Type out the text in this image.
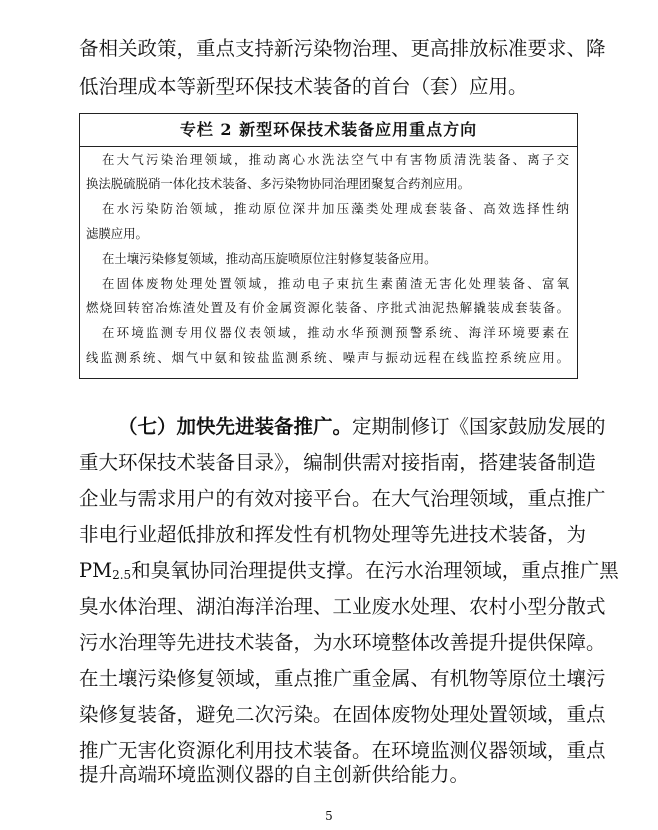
备相关政策，重点支持新污染物治理、更高排放标准要求、降
低治理成本等新型环保技术装备的首台（套）应用。
专栏 2 新型环保技术装备应用重点方向
在大气污染治理领域，推动离心水洗法空气中有害物质清洗装备、离子交
换法脱硫脱硝一体化技术装备、多污染物协同治理团聚复合药剂应用。
在水污染防治领域，推动原位深井加压藻类处理成套装备、高效选择性纳
滤膜应用。
在土壤污染修复领域，推动高压旋喷原位注射修复装备应用。
在固体废物处理处置领域，推动电子束抗生素菌渣无害化处理装备、富氧
燃烧回转窑冶炼渣处置及有价金属资源化装备、序批式油泥热解撬装成套装备。
在环境监测专用仪器仪表领域，推动水华预测预警系统、海洋环境要素在
线监测系统、烟气中氨和铵盐监测系统、噪声与振动远程在线监控系统应用。
（七）加快先进装备推广。定期制修订《国家鼓励发展的
重大环保技术装备目录》，编制供需对接指南，搭建装备制造
企业与需求用户的有效对接平台。在大气治理领域，重点推广
非电行业超低排放和挥发性有机物处理等先进技术装备，为
PM2.5和臭氧协同治理提供支撑。在污水治理领域，重点推广黑
臭水体治理、湖泊海洋治理、工业废水处理、农村小型分散式
污水治理等先进技术装备，为水环境整体改善提升提供保障。
在土壤污染修复领域，重点推广重金属、有机物等原位土壤污
染修复装备，避免二次污染。在固体废物处理处置领域，重点
推广无害化资源化利用技术装备。在环境监测仪器领域，重点
提升高端环境监测仪器的自主创新供给能力。
5
